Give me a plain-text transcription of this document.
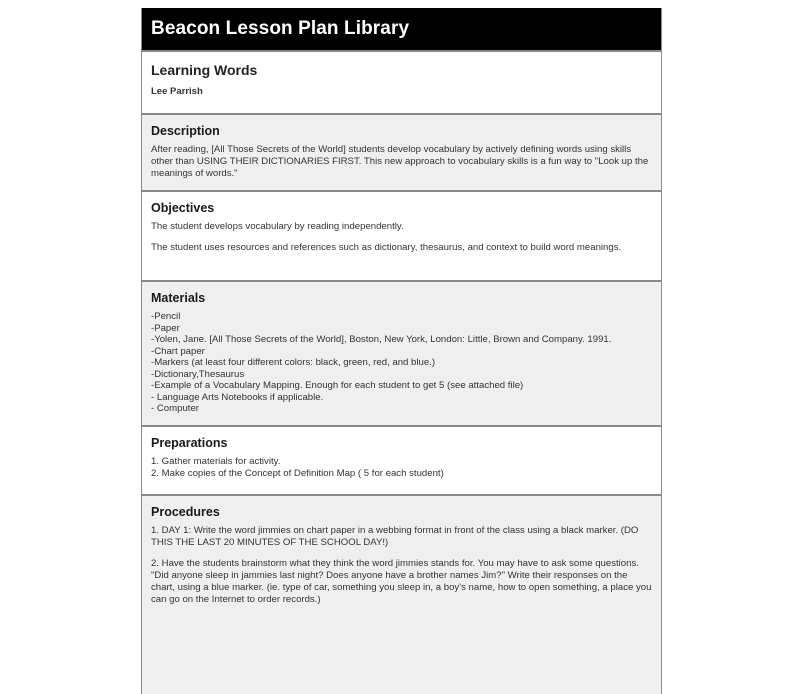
Beacon Lesson Plan Library
Learning Words
Lee Parrish
Description

After reading, [All Those Secrets of the World] students develop vocabulary by actively defining words using skills other than USING THEIR DICTIONARIES FIRST. This new approach to vocabulary skills is a fun way to "Look up the meanings of words."

Objectives

The student develops vocabulary by reading independently.

The student uses resources and references such as dictionary, thesaurus, and context to build word meanings.

Materials
-Pencil
-Paper
-Yolen, Jane. [All Those Secrets of the World], Boston, New York, London: Little, Brown and Company. 1991.
-Chart paper
-Markers (at least four different colors: black, green, red, and blue.)
-Dictionary,Thesaurus
-Example of a Vocabulary Mapping. Enough for each student to get 5 (see attached file)
- Language Arts Notebooks if applicable.
- Computer
Preparations
1. Gather materials for activity.
2. Make copies of the Concept of Definition Map ( 5 for each student)
Procedures

1. DAY 1: Write the word jimmies on chart paper in a webbing format in front of the class using a black marker. (DO THIS THE LAST 20 MINUTES OF THE SCHOOL DAY!)

2. Have the students brainstorm what they think the word jimmies stands for. You may have to ask some questions. "Did anyone sleep in jammies last night? Does anyone have a brother names Jim?" Write their responses on the chart, using a blue marker. (ie. type of car, something you sleep in, a boy's name, how to open something, a place you can go on the Internet to order records.)
